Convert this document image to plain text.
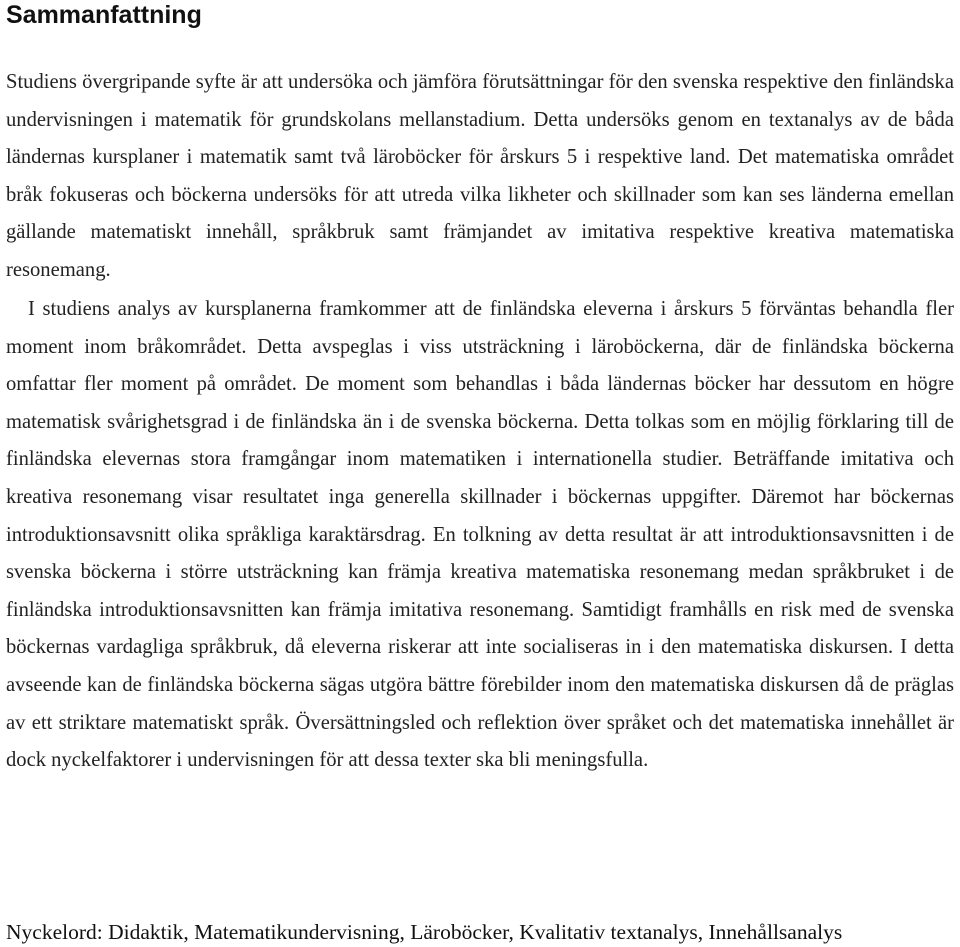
Sammanfattning

Studiens övergripande syfte är att undersöka och jämföra förutsättningar för den svenska respektive den finländska undervisningen i matematik för grundskolans mellanstadium. Detta undersöks genom en textanalys av de båda ländernas kursplaner i matematik samt två läroböcker för årskurs 5 i respektive land. Det matematiska området bråk fokuseras och böckerna undersöks för att utreda vilka likheter och skillnader som kan ses länderna emellan gällande matematiskt innehåll, språkbruk samt främjandet av imitativa respektive kreativa matematiska resonemang.

I studiens analys av kursplanerna framkommer att de finländska eleverna i årskurs 5 förväntas behandla fler moment inom bråkområdet. Detta avspeglas i viss utsträckning i läroböckerna, där de finländska böckerna omfattar fler moment på området. De moment som behandlas i båda ländernas böcker har dessutom en högre matematisk svårighetsgrad i de finländska än i de svenska böckerna. Detta tolkas som en möjlig förklaring till de finländska elevernas stora framgångar inom matematiken i internationella studier. Beträffande imitativa och kreativa resonemang visar resultatet inga generella skillnader i böckernas uppgifter. Däremot har böckernas introduktionsavsnitt olika språkliga karaktärsdrag. En tolkning av detta resultat är att introduktionsavsnitten i de svenska böckerna i större utsträckning kan främja kreativa matematiska resonemang medan språkbruket i de finländska introduktionsavsnitten kan främja imitativa resonemang. Samtidigt framhålls en risk med de svenska böckernas vardagliga språkbruk, då eleverna riskerar att inte socialiseras in i den matematiska diskursen. I detta avseende kan de finländska böckerna sägas utgöra bättre förebilder inom den matematiska diskursen då de präglas av ett striktare matematiskt språk. Översättningsled och reflektion över språket och det matematiska innehållet är dock nyckelfaktorer i undervisningen för att dessa texter ska bli meningsfulla.

Nyckelord: Didaktik, Matematikundervisning, Läroböcker, Kvalitativ textanalys, Innehållsanalys
